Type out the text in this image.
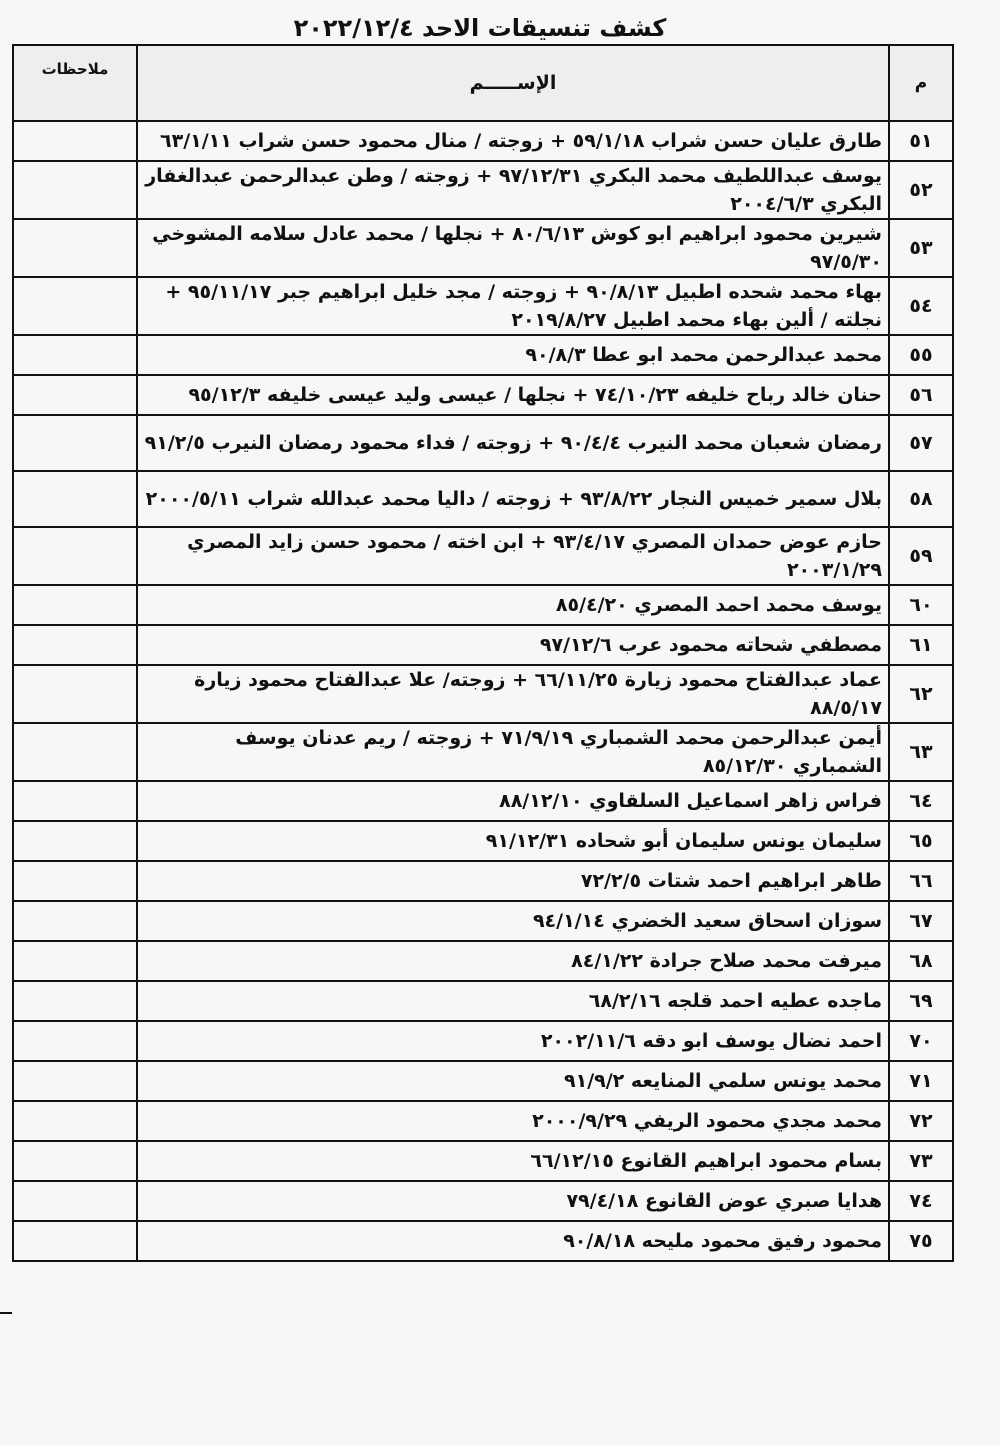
كشف تنسيقات الاحد ٢٠٢٢/١٢/٤
م	الإســـــم	ملاحظات
٥١	طارق عليان حسن شراب ٥٩/١/١٨ + زوجته / منال محمود حسن شراب ٦٣/١/١١	
٥٢	يوسف عبداللطيف محمد البكري ٩٧/١٢/٣١ + زوجته / وطن عبدالرحمن عبدالغفار البكري ٢٠٠٤/٦/٣	
٥٣	شيرين محمود ابراهيم ابو كوش ٨٠/٦/١٣ + نجلها / محمد عادل سلامه المشوخي ٩٧/٥/٣٠	
٥٤	بهاء محمد شحده اطبيل ٩٠/٨/١٣ + زوجته / مجد خليل ابراهيم جبر ٩٥/١١/١٧ + نجلته / ألين بهاء محمد اطبيل ٢٠١٩/٨/٢٧	
٥٥	محمد عبدالرحمن محمد ابو عطا ٩٠/٨/٣	
٥٦	حنان خالد رباح خليفه ٧٤/١٠/٢٣ + نجلها / عيسى وليد عيسى خليفه ٩٥/١٢/٣	
٥٧	رمضان شعبان محمد النيرب ٩٠/٤/٤ + زوجته / فداء محمود رمضان النيرب ٩١/٢/٥	
٥٨	بلال سمير خميس النجار ٩٣/٨/٢٢ + زوجته / داليا محمد عبدالله شراب ٢٠٠٠/٥/١١	
٥٩	حازم عوض حمدان المصري ٩٣/٤/١٧ + ابن اخته / محمود حسن زايد المصري ٢٠٠٣/١/٢٩	
٦٠	يوسف محمد احمد المصري ٨٥/٤/٢٠	
٦١	مصطفي شحاته محمود عرب ٩٧/١٢/٦	
٦٢	عماد عبدالفتاح محمود زيارة ٦٦/١١/٢٥ + زوجته/ علا عبدالفتاح محمود زيارة ٨٨/٥/١٧	
٦٣	أيمن عبدالرحمن محمد الشمباري ٧١/٩/١٩ + زوجته / ريم عدنان يوسف الشمباري ٨٥/١٢/٣٠	
٦٤	فراس زاهر اسماعيل السلقاوي ٨٨/١٢/١٠	
٦٥	سليمان يونس سليمان أبو شحاده ٩١/١٢/٣١	
٦٦	طاهر ابراهيم احمد شتات ٧٢/٢/٥	
٦٧	سوزان اسحاق سعيد الخضري ٩٤/١/١٤	
٦٨	ميرفت محمد صلاح جرادة ٨٤/١/٢٢	
٦٩	ماجده عطيه احمد قلجه ٦٨/٢/١٦	
٧٠	احمد نضال يوسف ابو دقه ٢٠٠٢/١١/٦	
٧١	محمد يونس سلمي المنايعه ٩١/٩/٢	
٧٢	محمد مجدي محمود الريفي ٢٠٠٠/٩/٢٩	
٧٣	بسام محمود ابراهيم القانوع ٦٦/١٢/١٥	
٧٤	هدايا صبري عوض القانوع ٧٩/٤/١٨	
٧٥	محمود رفيق محمود مليحه ٩٠/٨/١٨	
